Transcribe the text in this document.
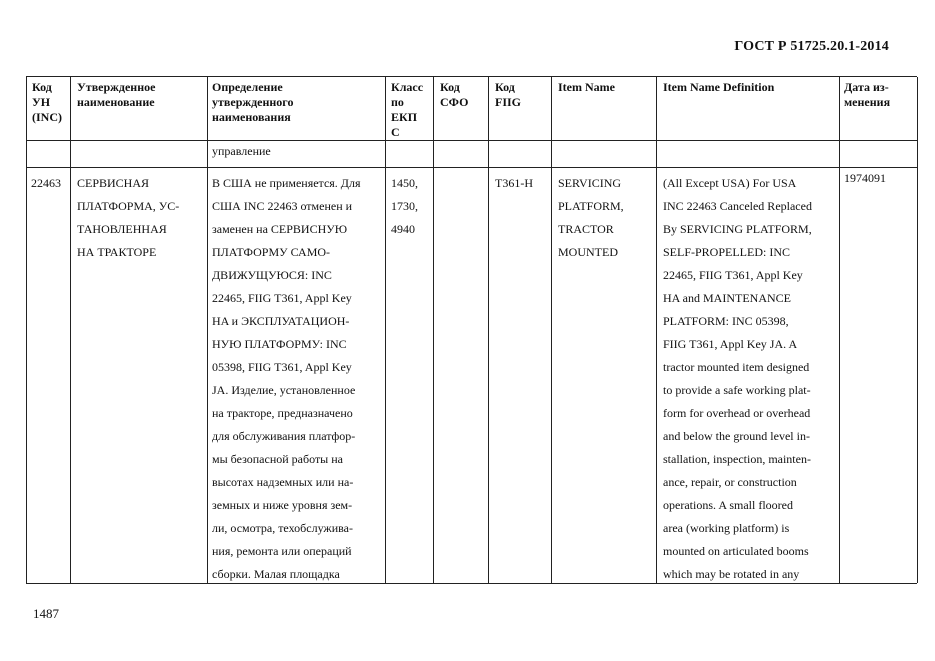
ГОСТ Р 51725.20.1-2014
Код
УН
(INC)
Утвержденное
наименование
Определение
утвержденного
наименования
Класс
по
ЕКП
С
Код
СФО
Код
FIIG
Item Name	Item Name Definition	Дата из-
менения
управление
22463 СЕРВИСНАЯ
ПЛАТФОРМА, УС-
ТАНОВЛЕННАЯ
НА ТРАКТОРЕ
В США не применяется. Для
США INC 22463 отменен и
заменен на СЕРВИСНУЮ
ПЛАТФОРМУ САМО-
ДВИЖУЩУЮСЯ: INC
22465, FIIG T361, Appl Key
HA и ЭКСПЛУАТАЦИОН-
НУЮ ПЛАТФОРМУ: INC
05398, FIIG T361, Appl Key
JA. Изделие, установленное
на тракторе, предназначено
для обслуживания платфор-
мы безопасной работы на
высотах надземных или на-
земных и ниже уровня зем-
ли, осмотра, техобслужива-
ния, ремонта или операций
сборки. Малая площадка
1450,
1730,
4940
T361-H SERVICING
PLATFORM,
TRACTOR
MOUNTED
(All Except USA) For USA
INC 22463 Canceled Replaced
By SERVICING PLATFORM,
SELF-PROPELLED: INC
22465, FIIG T361, Appl Key
HA and MAINTENANCE
PLATFORM: INC 05398,
FIIG T361, Appl Key JA. A
tractor mounted item designed
to provide a safe working plat-
form for overhead or overhead
and below the ground level in-
stallation, inspection, mainten-
ance, repair, or construction
operations. A small floored
area (working platform) is
mounted on articulated booms
which may be rotated in any
1974091
1487
